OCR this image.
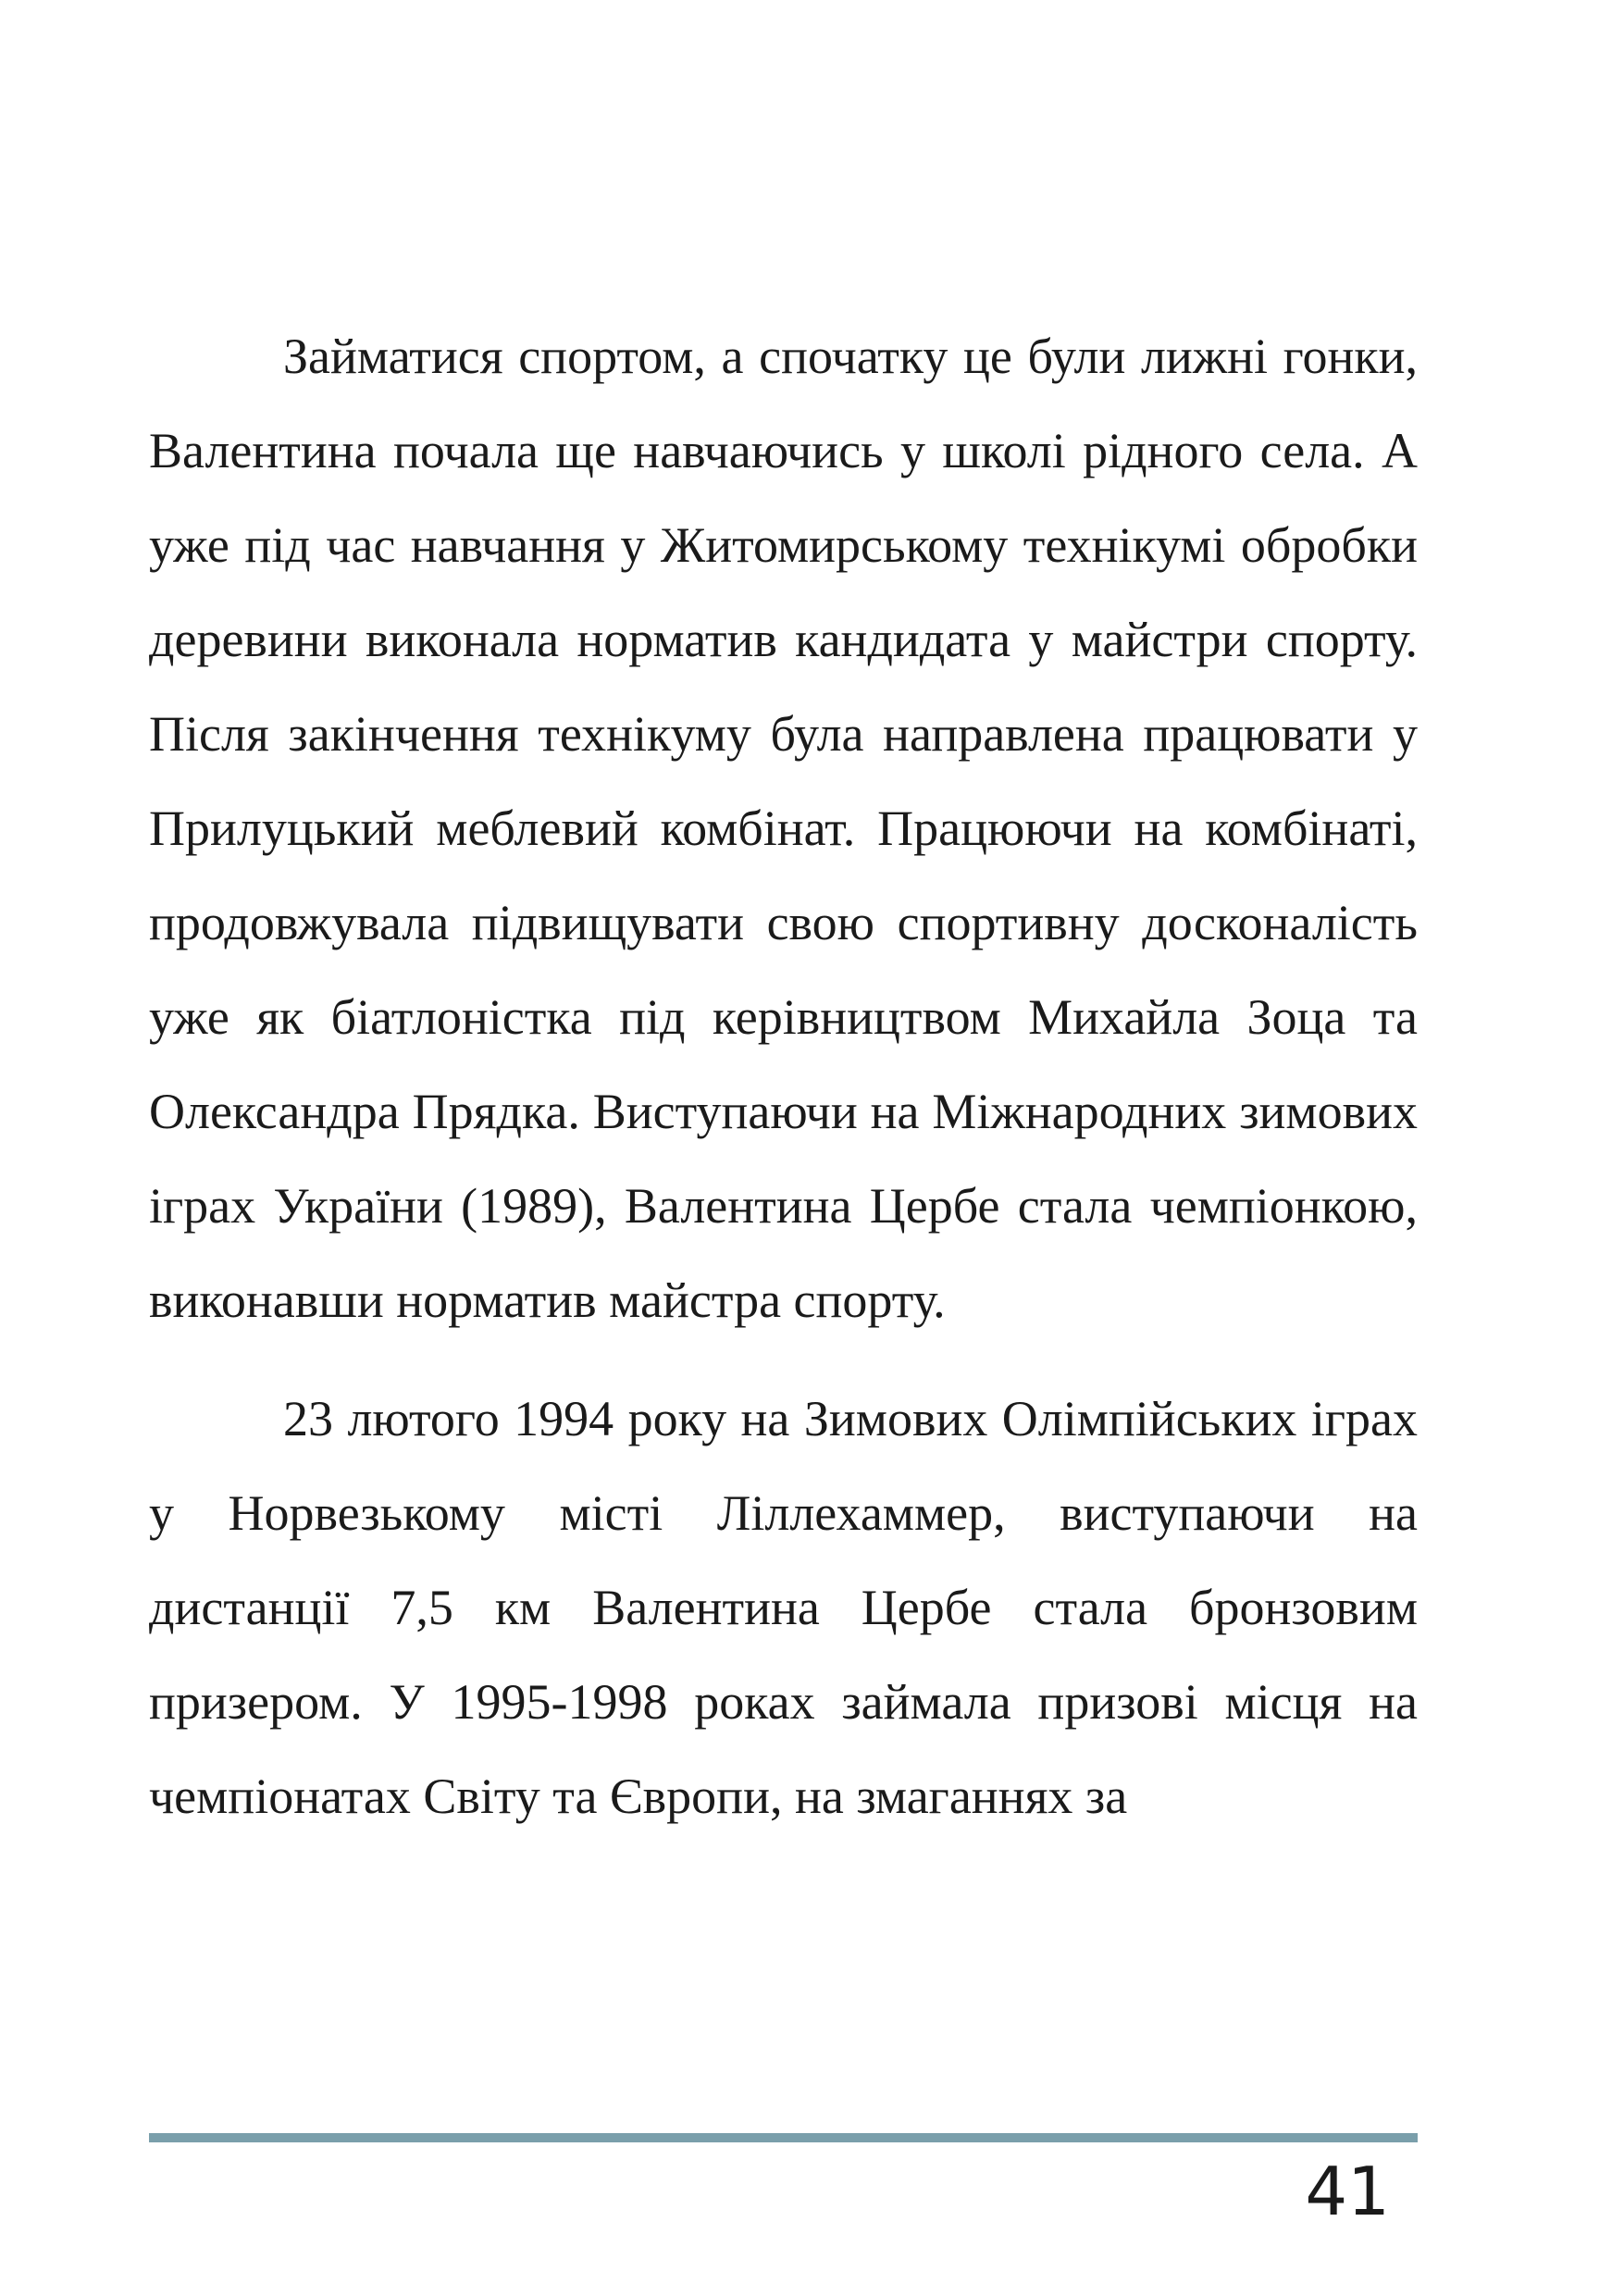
Займатися спортом, а спочатку це були лижні гонки, Валентина почала ще навчаючись у школі рідного села. А уже під час навчання у Житомирському технікумі обробки деревини виконала норматив кандидата у майстри спорту. Після закінчення технікуму була направлена працювати у Прилуцький меблевий комбінат. Працюючи на комбінаті, продовжувала підвищувати свою спортивну досконалість уже як біатлоністка під керівництвом Михайла Зоца та Олександра Прядка. Виступаючи на Міжнародних зимових іграх України (1989), Валентина Цербе стала чемпіонкою, виконавши норматив майстра спорту.

23 лютого 1994 року на Зимових Олімпійських іграх у Норвезькому місті Ліллехаммер, виступаючи на дистанції 7,5 км Валентина Цербе стала бронзовим призером. У 1995-1998 роках займала призові місця на чемпіонатах Світу та Європи, на змаганнях за

41
